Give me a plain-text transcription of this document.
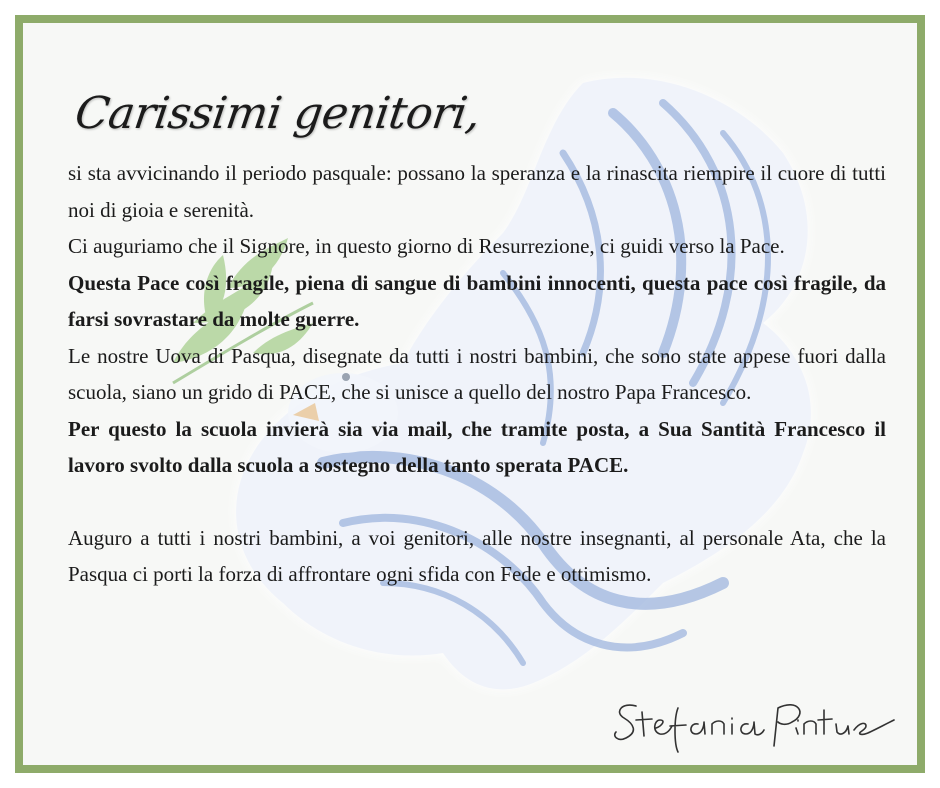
Carissimi genitori,

si sta avvicinando il periodo pasquale: possano la speranza e la rinascita riempire il cuore di tutti noi di gioia e serenità.

Ci auguriamo che il Signore, in questo giorno di Resurrezione, ci guidi verso la Pace.

Questa Pace così fragile, piena di sangue di bambini innocenti, questa pace così fragile, da farsi sovrastare da molte guerre.

Le nostre Uova di Pasqua, disegnate da tutti i nostri bambini, che sono state appese fuori dalla scuola, siano un grido di PACE, che si unisce a quello del nostro Papa Francesco.

Per questo la scuola invierà sia via mail, che tramite posta, a Sua Santità Francesco il lavoro svolto dalla scuola a sostegno della tanto sperata PACE.

Auguro a tutti i nostri bambini, a voi genitori, alle nostre insegnanti, al personale Ata, che la Pasqua ci porti la forza di affrontare ogni sfida con Fede e ottimismo.
